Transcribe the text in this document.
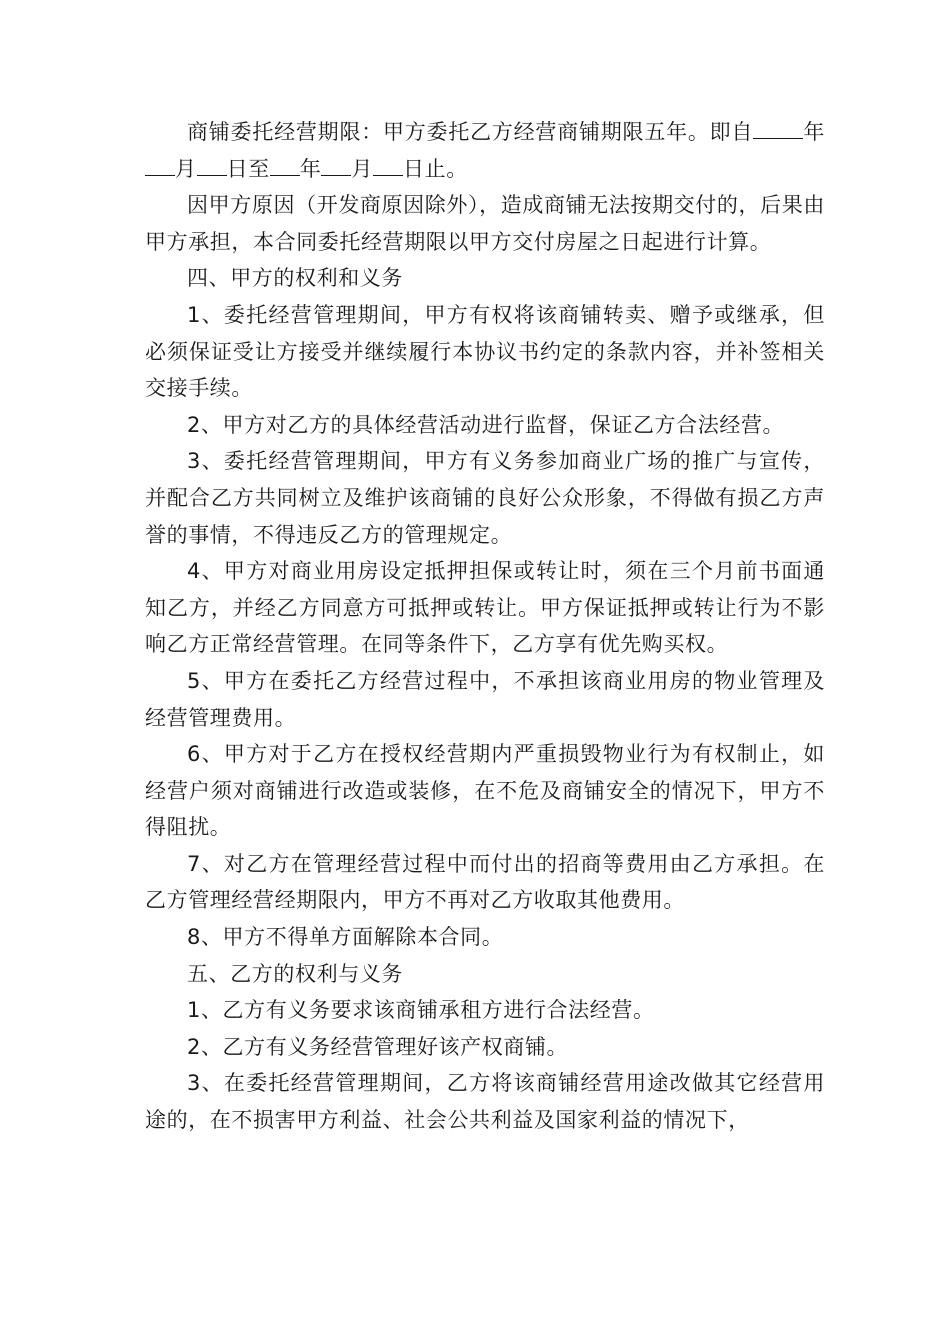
商铺委托经营期限：甲方委托乙方经营商铺期限五年。即自 年月 日至 年 月 日止。

因甲方原因（开发商原因除外），造成商铺无法按期交付的，后果由甲方承担，本合同委托经营期限以甲方交付房屋之日起进行计算。

四、甲方的权利和义务

1、委托经营管理期间，甲方有权将该商铺转卖、赠予或继承，但必须保证受让方接受并继续履行本协议书约定的条款内容，并补签相关交接手续。

2、甲方对乙方的具体经营活动进行监督，保证乙方合法经营。

3、委托经营管理期间，甲方有义务参加商业广场的推广与宣传，并配合乙方共同树立及维护该商铺的良好公众形象，不得做有损乙方声誉的事情，不得违反乙方的管理规定。

4、甲方对商业用房设定抵押担保或转让时，须在三个月前书面通知乙方，并经乙方同意方可抵押或转让。甲方保证抵押或转让行为不影响乙方正常经营管理。在同等条件下，乙方享有优先购买权。

5、甲方在委托乙方经营过程中，不承担该商业用房的物业管理及经营管理费用。

6、甲方对于乙方在授权经营期内严重损毁物业行为有权制止，如经营户须对商铺进行改造或装修，在不危及商铺安全的情况下，甲方不得阻扰。

7、对乙方在管理经营过程中而付出的招商等费用由乙方承担。在乙方管理经营经期限内，甲方不再对乙方收取其他费用。

8、甲方不得单方面解除本合同。

五、乙方的权利与义务

1、乙方有义务要求该商铺承租方进行合法经营。

2、乙方有义务经营管理好该产权商铺。

3、在委托经营管理期间，乙方将该商铺经营用途改做其它经营用途的，在不损害甲方利益、社会公共利益及国家利益的情况下，
